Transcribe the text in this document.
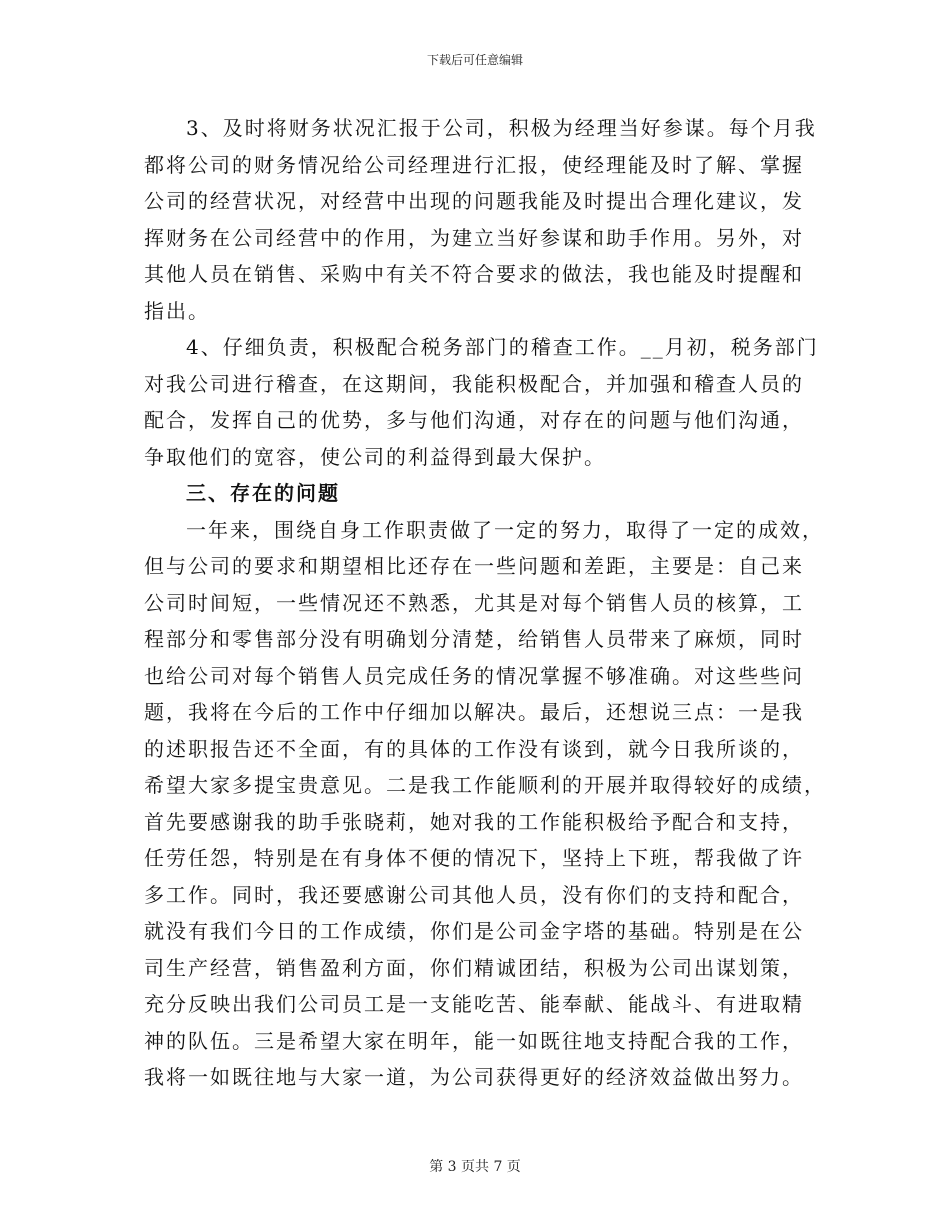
下载后可任意编辑
3、及时将财务状况汇报于公司，积极为经理当好参谋。每个月我
都将公司的财务情况给公司经理进行汇报，使经理能及时了解、掌握
公司的经营状况，对经营中出现的问题我能及时提出合理化建议，发
挥财务在公司经营中的作用，为建立当好参谋和助手作用。另外，对
其他人员在销售、采购中有关不符合要求的做法，我也能及时提醒和
指出。
4、仔细负责，积极配合税务部门的稽查工作。__月初，税务部门
对我公司进行稽查，在这期间，我能积极配合，并加强和稽查人员的
配合，发挥自己的优势，多与他们沟通，对存在的问题与他们沟通，
争取他们的宽容，使公司的利益得到最大保护。
三、存在的问题
一年来，围绕自身工作职责做了一定的努力，取得了一定的成效，
但与公司的要求和期望相比还存在一些问题和差距，主要是：自己来
公司时间短，一些情况还不熟悉，尤其是对每个销售人员的核算，工
程部分和零售部分没有明确划分清楚，给销售人员带来了麻烦，同时
也给公司对每个销售人员完成任务的情况掌握不够准确。对这些些问
题，我将在今后的工作中仔细加以解决。最后，还想说三点：一是我
的述职报告还不全面，有的具体的工作没有谈到，就今日我所谈的，
希望大家多提宝贵意见。二是我工作能顺利的开展并取得较好的成绩，
首先要感谢我的助手张晓莉，她对我的工作能积极给予配合和支持，
任劳任怨，特别是在有身体不便的情况下，坚持上下班，帮我做了许
多工作。同时，我还要感谢公司其他人员，没有你们的支持和配合，
就没有我们今日的工作成绩，你们是公司金字塔的基础。特别是在公
司生产经营，销售盈利方面，你们精诚团结，积极为公司出谋划策，
充分反映出我们公司员工是一支能吃苦、能奉献、能战斗、有进取精
神的队伍。三是希望大家在明年，能一如既往地支持配合我的工作，
我将一如既往地与大家一道，为公司获得更好的经济效益做出努力。
第 3 页共 7 页
